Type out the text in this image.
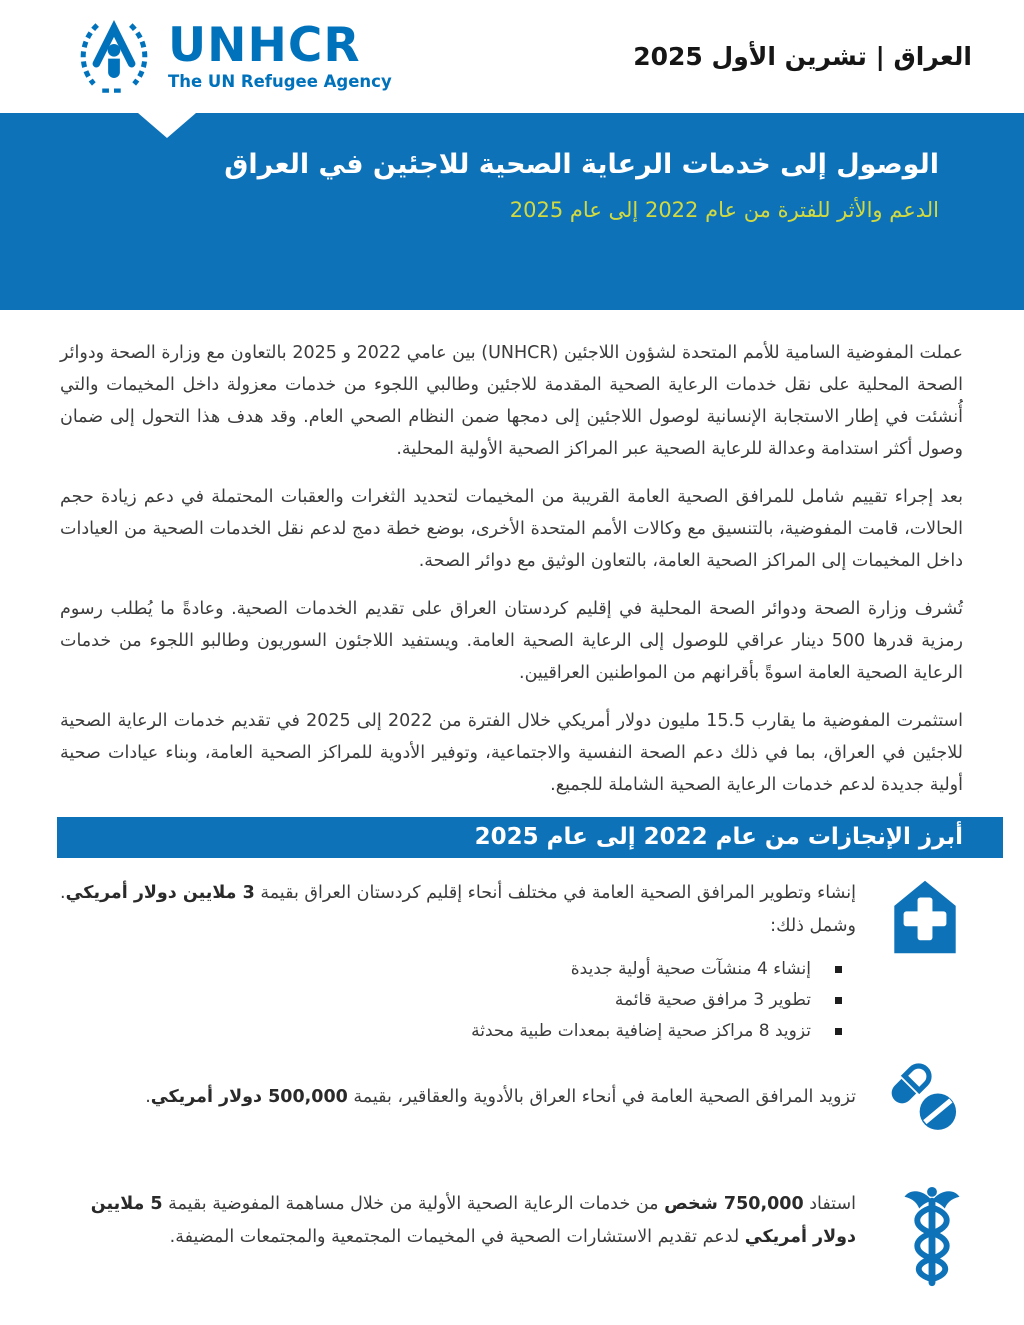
UNHCR
The UN Refugee Agency
العراق | تشرين الأول 2025
الوصول إلى خدمات الرعاية الصحية للاجئين في العراق
الدعم والأثر للفترة من عام 2022 إلى عام 2025

عملت المفوضية السامية للأمم المتحدة لشؤون اللاجئين (UNHCR) بين عامي 2022 و 2025 بالتعاون مع وزارة الصحة ودوائر الصحة المحلية على نقل خدمات الرعاية الصحية المقدمة للاجئين وطالبي اللجوء من خدمات معزولة داخل المخيمات والتي أُنشئت في إطار الاستجابة الإنسانية لوصول اللاجئين إلى دمجها ضمن النظام الصحي العام. وقد هدف هذا التحول إلى ضمان وصول أكثر استدامة وعدالة للرعاية الصحية عبر المراكز الصحية الأولية المحلية.

بعد إجراء تقييم شامل للمرافق الصحية العامة القريبة من المخيمات لتحديد الثغرات والعقبات المحتملة في دعم زيادة حجم الحالات، قامت المفوضية، بالتنسيق مع وكالات الأمم المتحدة الأخرى، بوضع خطة دمج لدعم نقل الخدمات الصحية من العيادات داخل المخيمات إلى المراكز الصحية العامة، بالتعاون الوثيق مع دوائر الصحة.

تُشرف وزارة الصحة ودوائر الصحة المحلية في إقليم كردستان العراق على تقديم الخدمات الصحية. وعادةً ما يُطلب رسوم رمزية قدرها 500 دينار عراقي للوصول إلى الرعاية الصحية العامة. ويستفيد اللاجئون السوريون وطالبو اللجوء من خدمات الرعاية الصحية العامة اسوةً بأقرانهم من المواطنين العراقيين.

استثمرت المفوضية ما يقارب 15.5 مليون دولار أمريكي خلال الفترة من 2022 إلى 2025 في تقديم خدمات الرعاية الصحية للاجئين في العراق، بما في ذلك دعم الصحة النفسية والاجتماعية، وتوفير الأدوية للمراكز الصحية العامة، وبناء عيادات صحية أولية جديدة لدعم خدمات الرعاية الصحية الشاملة للجميع.

أبرز الإنجازات من عام 2022 إلى عام 2025

إنشاء وتطوير المرافق الصحية العامة في مختلف أنحاء إقليم كردستان العراق بقيمة 3 ملايين دولار أمريكي. وشمل ذلك:

إنشاء 4 منشآت صحية أولية جديدة
تطوير 3 مرافق صحية قائمة
تزويد 8 مراكز صحية إضافية بمعدات طبية محدثة

تزويد المرافق الصحية العامة في أنحاء العراق بالأدوية والعقاقير، بقيمة 500,000 دولار أمريكي.

استفاد 750,000 شخص من خدمات الرعاية الصحية الأولية من خلال مساهمة المفوضية بقيمة 5 ملايين دولار أمريكي لدعم تقديم الاستشارات الصحية في المخيمات المجتمعية والمجتمعات المضيفة.
